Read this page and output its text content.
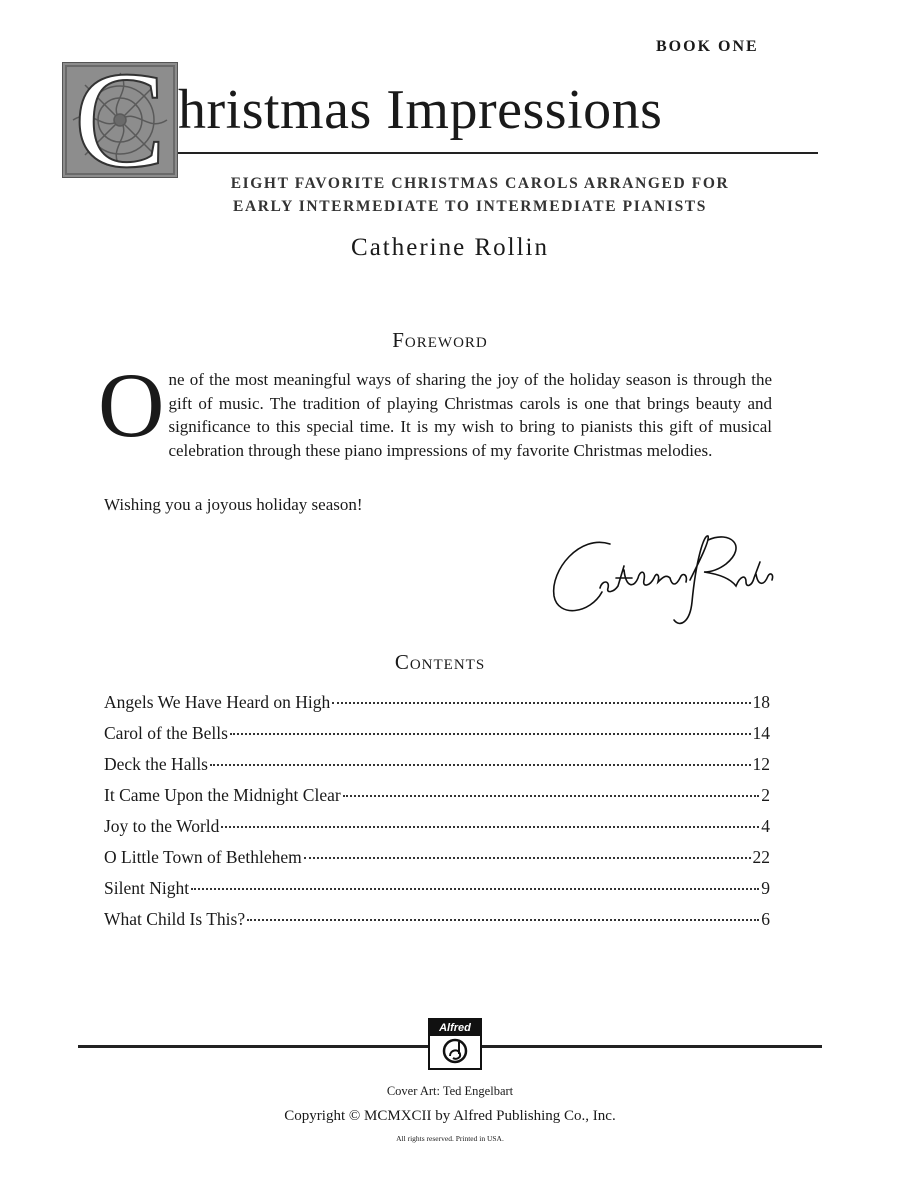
BOOK ONE
C hristmas Impressions
EIGHT FAVORITE CHRISTMAS CAROLS ARRANGED FOR
EARLY INTERMEDIATE TO INTERMEDIATE PIANISTS
Catherine Rollin
Foreword
O ne of the most meaningful ways of sharing the joy of the holiday season is through the gift of music. The tradition of playing Christmas carols is one that brings beauty and significance to this special time. It is my wish to bring to pianists this gift of musical celebration through these piano impressions of my favorite Christmas melodies.
Wishing you a joyous holiday season!
Contents
Angels We Have Heard on High	18
Carol of the Bells	14
Deck the Halls	12
It Came Upon the Midnight Clear	2
Joy to the World	4
O Little Town of Bethlehem	22
Silent Night	9
What Child Is This?	6
Alfred
Cover Art: Ted Engelbart
Copyright © MCMXCII by Alfred Publishing Co., Inc.
All rights reserved. Printed in USA.
